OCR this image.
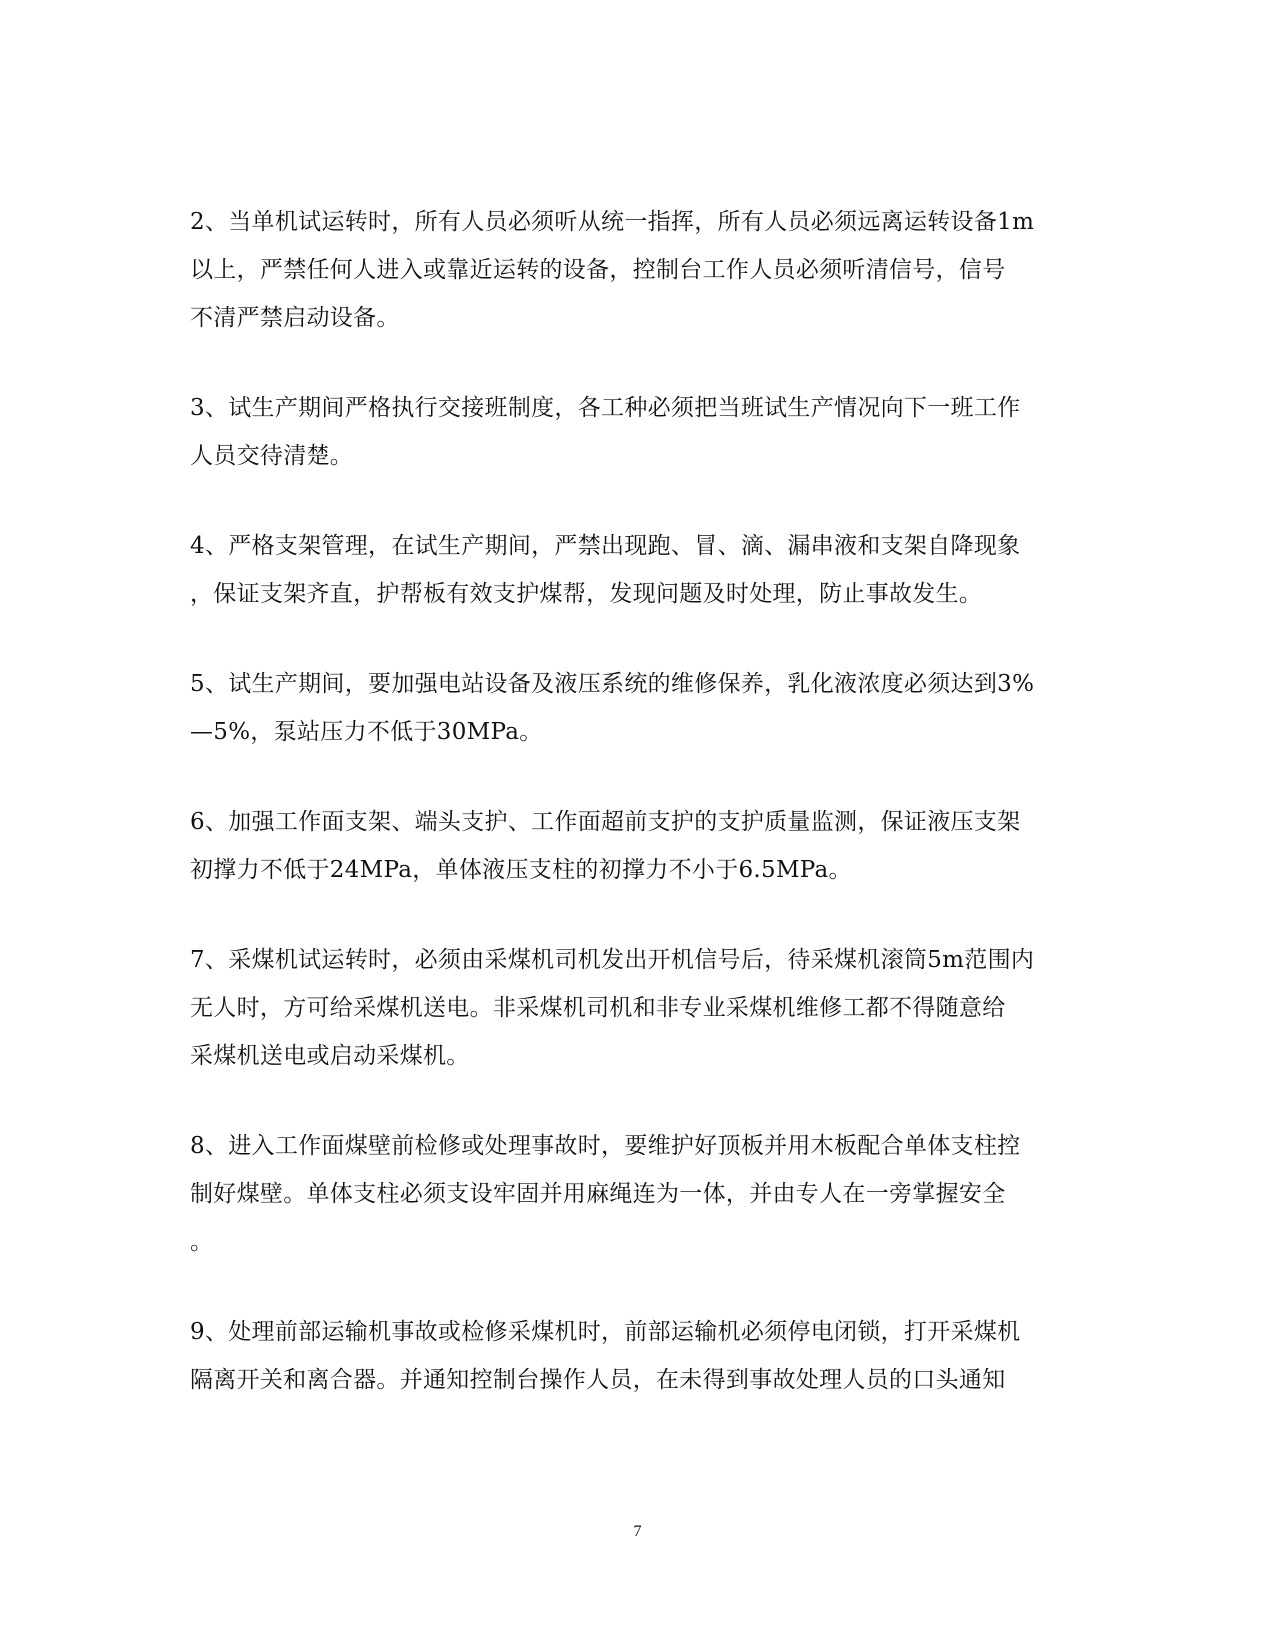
2、当单机试运转时，所有人员必须听从统一指挥，所有人员必须远离运转设备1m
以上，严禁任何人进入或靠近运转的设备，控制台工作人员必须听清信号，信号
不清严禁启动设备。
3、试生产期间严格执行交接班制度，各工种必须把当班试生产情况向下一班工作
人员交待清楚。
4、严格支架管理，在试生产期间，严禁出现跑、冒、滴、漏串液和支架自降现象
，保证支架齐直，护帮板有效支护煤帮，发现问题及时处理，防止事故发生。
5、试生产期间，要加强电站设备及液压系统的维修保养，乳化液浓度必须达到3%
—5%，泵站压力不低于30MPa。
6、加强工作面支架、端头支护、工作面超前支护的支护质量监测，保证液压支架
初撑力不低于24MPa，单体液压支柱的初撑力不小于6.5MPa。
7、采煤机试运转时，必须由采煤机司机发出开机信号后，待采煤机滚筒5m范围内
无人时，方可给采煤机送电。非采煤机司机和非专业采煤机维修工都不得随意给
采煤机送电或启动采煤机。
8、进入工作面煤壁前检修或处理事故时，要维护好顶板并用木板配合单体支柱控
制好煤壁。单体支柱必须支设牢固并用麻绳连为一体，并由专人在一旁掌握安全
。
9、处理前部运输机事故或检修采煤机时，前部运输机必须停电闭锁，打开采煤机
隔离开关和离合器。并通知控制台操作人员，在未得到事故处理人员的口头通知
7
